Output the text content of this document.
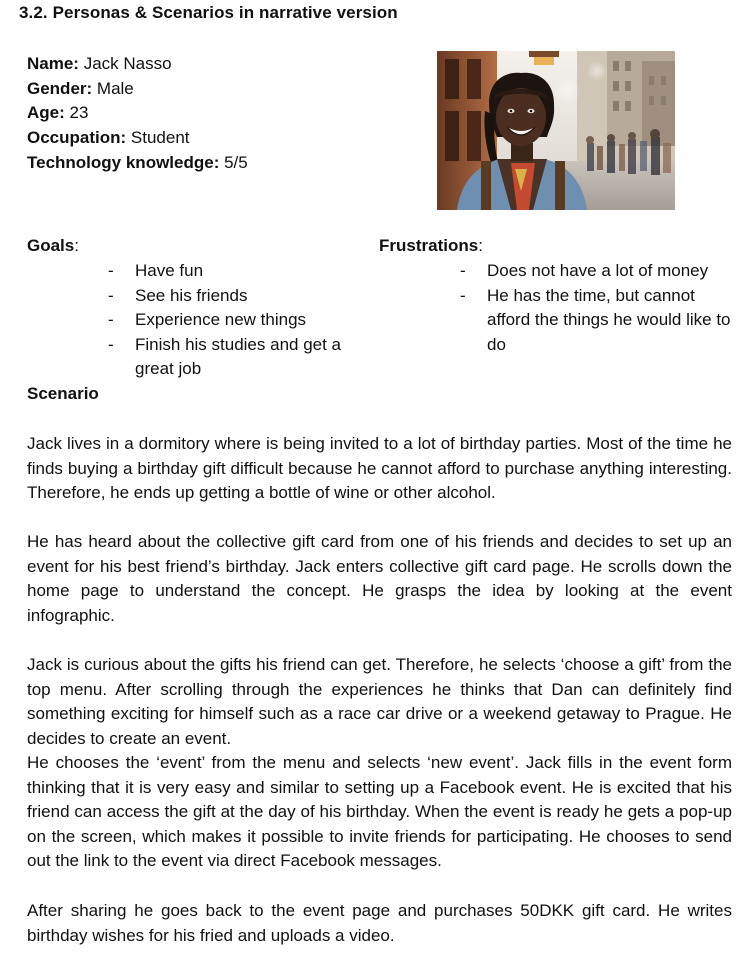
3.2. Personas & Scenarios in narrative version
Name: Jack Nasso
Gender: Male
Age: 23
Occupation: Student
Technology knowledge: 5/5
Goals:
- Have fun
- See his friends
- Experience new things
- Finish his studies and get a great job
Frustrations:
- Does not have a lot of money
- He has the time, but cannot afford the things he would like to do
Scenario

Jack lives in a dormitory where is being invited to a lot of birthday parties. Most of the time he finds buying a birthday gift difficult because he cannot afford to purchase anything interesting. Therefore, he ends up getting a bottle of wine or other alcohol.

He has heard about the collective gift card from one of his friends and decides to set up an event for his best friend’s birthday. Jack enters collective gift card page. He scrolls down the home page to understand the concept. He grasps the idea by looking at the event infographic.

Jack is curious about the gifts his friend can get. Therefore, he selects ‘choose a gift’ from the top menu. After scrolling through the experiences he thinks that Dan can definitely find something exciting for himself such as a race car drive or a weekend getaway to Prague. He decides to create an event.

He chooses the ‘event’ from the menu and selects ‘new event’. Jack fills in the event form thinking that it is very easy and similar to setting up a Facebook event. He is excited that his friend can access the gift at the day of his birthday. When the event is ready he gets a pop-up on the screen, which makes it possible to invite friends for participating. He chooses to send out the link to the event via direct Facebook messages.

After sharing he goes back to the event page and purchases 50DKK gift card. He writes birthday wishes for his fried and uploads a video.
